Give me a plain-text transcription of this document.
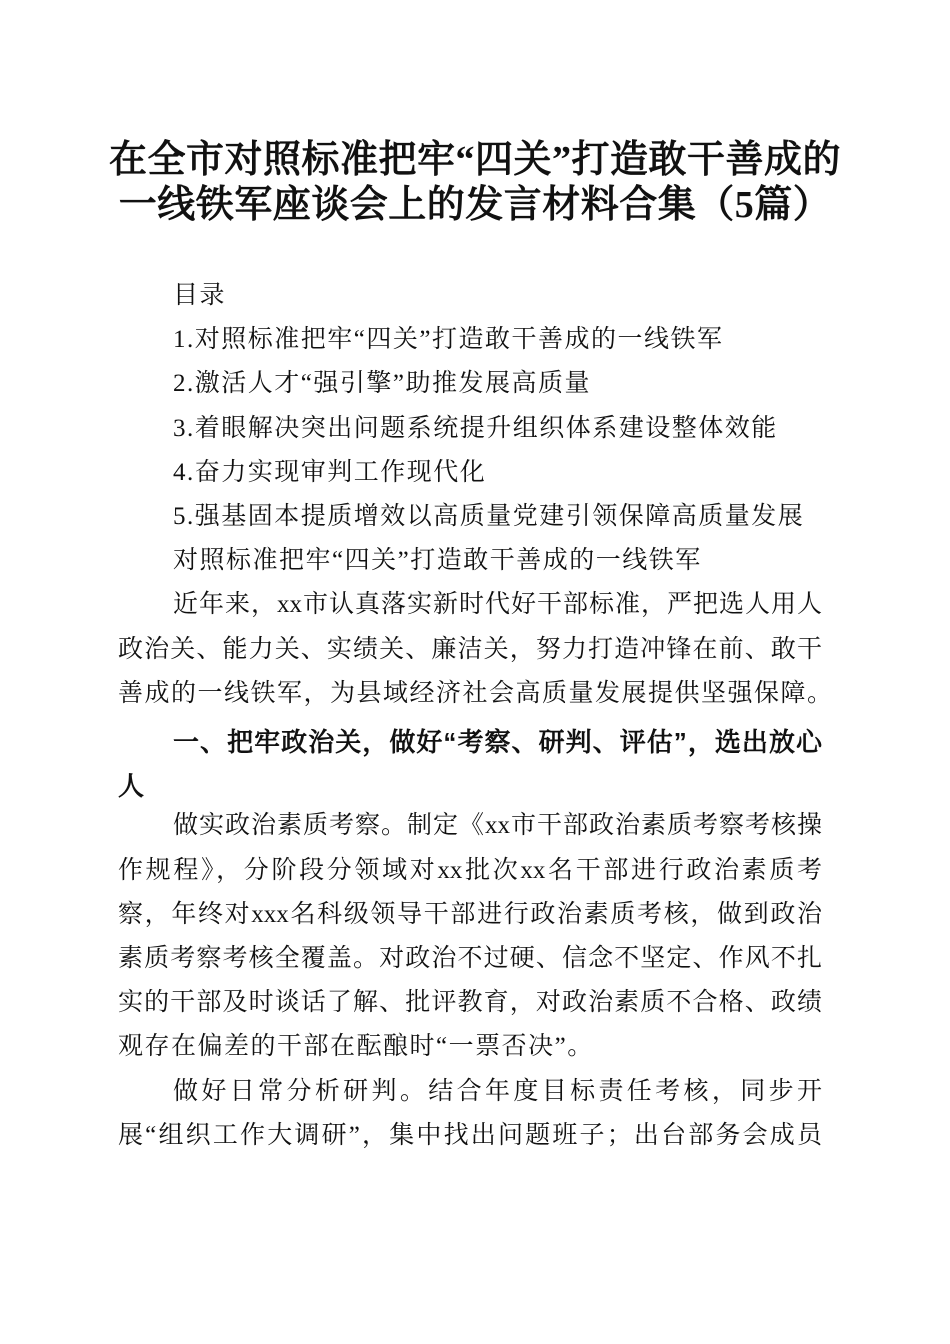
在全市对照标准把牢“四关”打造敢干善成的
一线铁军座谈会上的发言材料合集（5篇）
目录
1.对照标准把牢“四关”打造敢干善成的一线铁军
2.激活人才“强引擎”助推发展高质量
3.着眼解决突出问题系统提升组织体系建设整体效能
4.奋力实现审判工作现代化
5.强基固本提质增效以高质量党建引领保障高质量发展
对照标准把牢“四关”打造敢干善成的一线铁军
近年来，xx市认真落实新时代好干部标准，严把选人用人
政治关、能力关、实绩关、廉洁关，努力打造冲锋在前、敢干
善成的一线铁军，为县域经济社会高质量发展提供坚强保障。
一、把牢政治关，做好“考察、研判、评估”，选出放心
人
做实政治素质考察。制定《xx市干部政治素质考察考核操
作规程》，分阶段分领域对xx批次xx名干部进行政治素质考
察，年终对xxx名科级领导干部进行政治素质考核，做到政治
素质考察考核全覆盖。对政治不过硬、信念不坚定、作风不扎
实的干部及时谈话了解、批评教育，对政治素质不合格、政绩
观存在偏差的干部在酝酿时“一票否决”。
做好日常分析研判。结合年度目标责任考核，同步开
展“组织工作大调研”，集中找出问题班子；出台部务会成员
